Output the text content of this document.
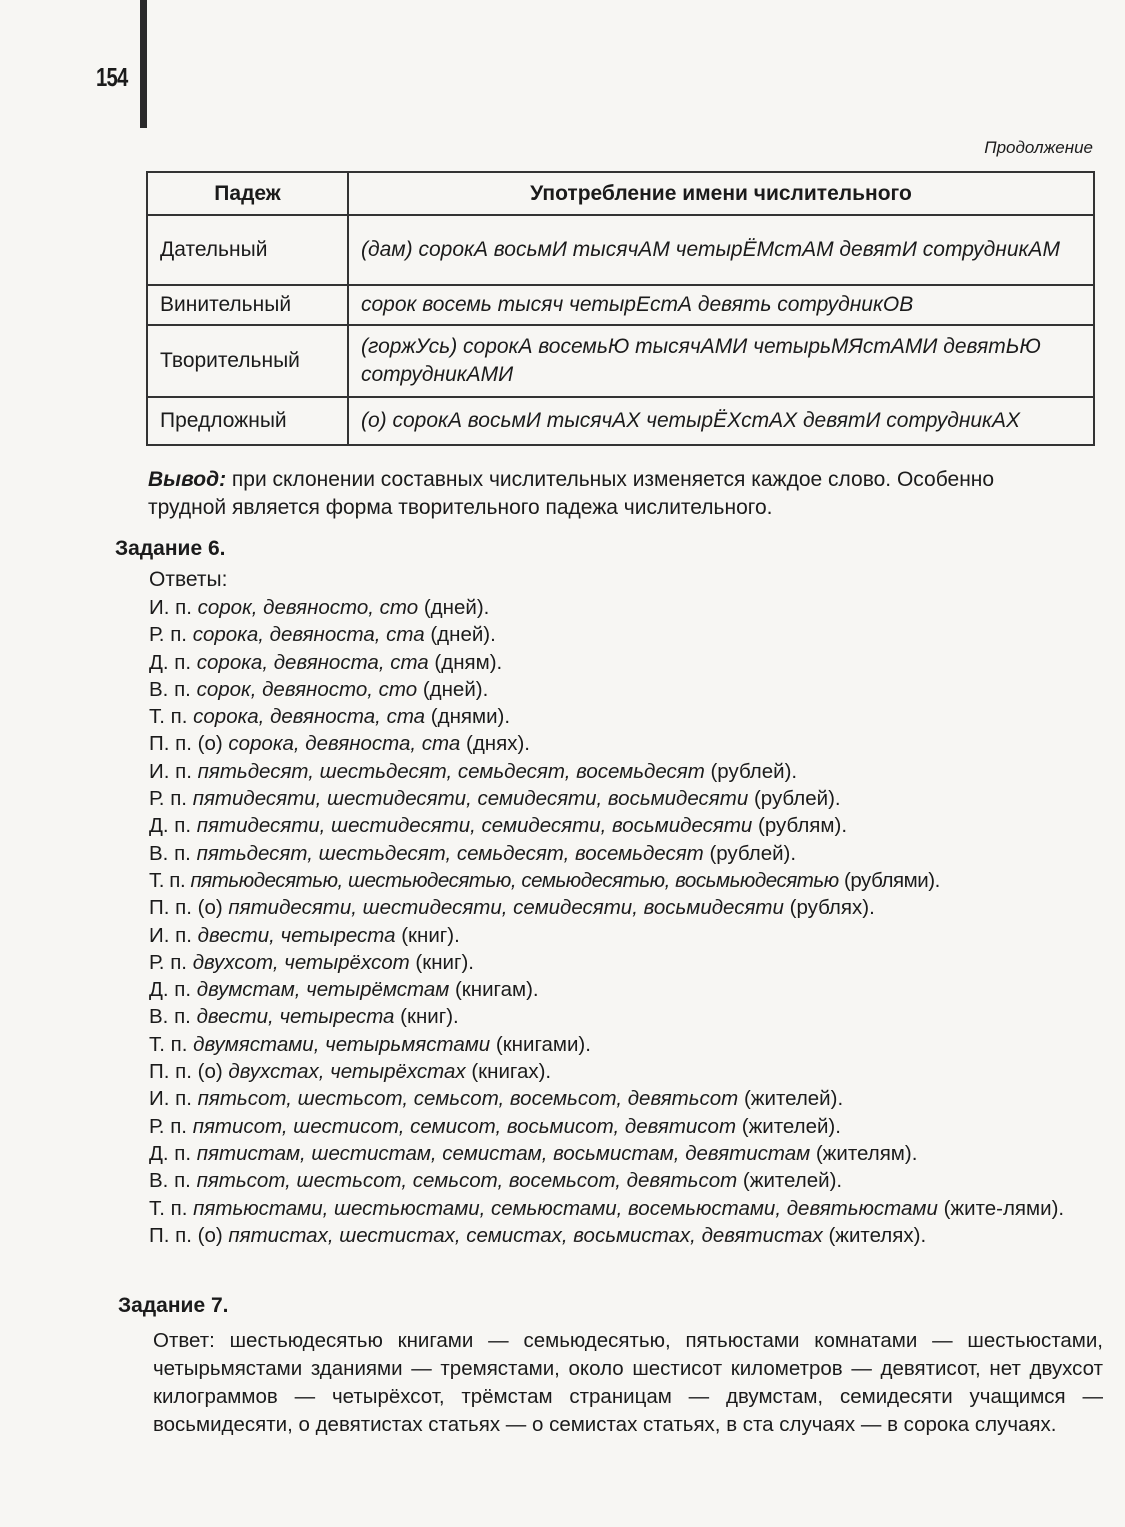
154
Продолжение
Падеж	Употребление имени числительного
Дательный	(дам) сорокА восьмИ тысячАМ четырЁМстАМ девятИ сотрудникАМ
Винительный	сорок восемь тысяч четырЕстА девять сотрудникОВ
Творительный	(горжУсь) сорокА восемьЮ тысячАМИ четырьМЯстАМИ девятЬЮ сотрудникАМИ
Предложный	(о) сорокА восьмИ тысячАХ четырЁХстАХ девятИ сотрудникАХ
Вывод: при склонении составных числительных изменяется каждое слово. Особенно трудной является форма творительного падежа числительного.
Задание 6.
Ответы:
И. п. сорок, девяносто, сто (дней).
Р. п. сорока, девяноста, ста (дней).
Д. п. сорока, девяноста, ста (дням).
В. п. сорок, девяносто, сто (дней).
Т. п. сорока, девяноста, ста (днями).
П. п. (о) сорока, девяноста, ста (днях).
И. п. пятьдесят, шестьдесят, семьдесят, восемьдесят (рублей).
Р. п. пятидесяти, шестидесяти, семидесяти, восьмидесяти (рублей).
Д. п. пятидесяти, шестидесяти, семидесяти, восьмидесяти (рублям).
В. п. пятьдесят, шестьдесят, семьдесят, восемьдесят (рублей).
Т. п. пятьюдесятью, шестьюдесятью, семьюдесятью, восьмьюдесятью (рублями).
П. п. (о) пятидесяти, шестидесяти, семидесяти, восьмидесяти (рублях).
И. п. двести, четыреста (книг).
Р. п. двухсот, четырёхсот (книг).
Д. п. двумстам, четырёмстам (книгам).
В. п. двести, четыреста (книг).
Т. п. двумястами, четырьмястами (книгами).
П. п. (о) двухстах, четырёхстах (книгах).
И. п. пятьсот, шестьсот, семьсот, восемьсот, девятьсот (жителей).
Р. п. пятисот, шестисот, семисот, восьмисот, девятисот (жителей).
Д. п. пятистам, шестистам, семистам, восьмистам, девятистам (жителям).
В. п. пятьсот, шестьсот, семьсот, восемьсот, девятьсот (жителей).
Т. п. пятьюстами, шестьюстами, семьюстами, восемьюстами, девятьюстами (жите-лями).
П. п. (о) пятистах, шестистах, семистах, восьмистах, девятистах (жителях).
Задание 7.
Ответ: шестьюдесятью книгами — семьюдесятью, пятьюстами комнатами — шестьюстами, четырьмястами зданиями — тремястами, около шестисот километров — девятисот, нет двухсот килограммов — четырёхсот, трёмстам страницам — двумстам, семидесяти учащимся — восьмидесяти, о девятистах статьях — о семистах статьях, в ста случаях — в сорока случаях.
